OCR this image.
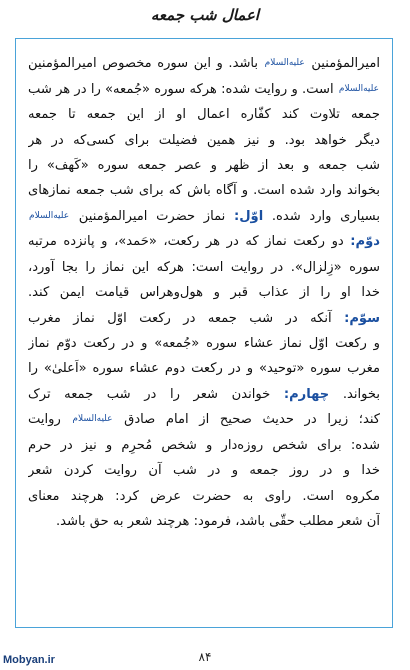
اعمال شب جمعه
امیرالمؤمنین علیه‌السلام باشد. و این سوره مخصوص امیرالمؤمنین
علیه‌السلام است. و روایت شده: هرکه سوره «جُمعه» را در هر شب
جمعه تلاوت کند کفّاره اعمال او از این جمعه تا جمعه
دیگر خواهد بود. و نیز همین فضیلت برای کسی‌که در هر
شب جمعه و بعد از ظهر و عصر جمعه سوره «کَهف» را
بخواند وارد شده است. و آگاه باش که برای شب جمعه نمازهای
بسیاری وارد شده. اوّل: نماز حضرت امیرالمؤمنین علیه‌السلام
دوّم: دو رکعت نماز که در هر رکعت، «حَمد»، و پانزده مرتبه
سوره «زِلزال». در روایت است: هرکه این نماز را بجا آورد،
خدا او را از عذاب قبر و هول‌وهراس قیامت ایمن کند.
سوّم: آنکه در شب جمعه در رکعت اوّل نماز مغرب
و رکعت اوّل نماز عشاء سوره «جُمعه» و در رکعت دوّم نماز
مغرب سوره «توحید» و در رکعت دوم عشاء سوره «اَعلیٰ» را
بخواند. چهارم: خواندن شعر را در شب جمعه ترک
کند؛ زیرا در حدیث صحیح از امام صادق علیه‌السلام روایت
شده: برای شخص روزه‌دار و شخص مُحرِم و نیز در حرم
خدا و در روز جمعه و در شب آن روایت کردن شعر
مکروه است. راوی به حضرت عرض کرد: هرچند معنای
آن شعر مطلب حقّی باشد، فرمود: هرچند شعر به حق باشد.
۸۴
Mobyan.ir
